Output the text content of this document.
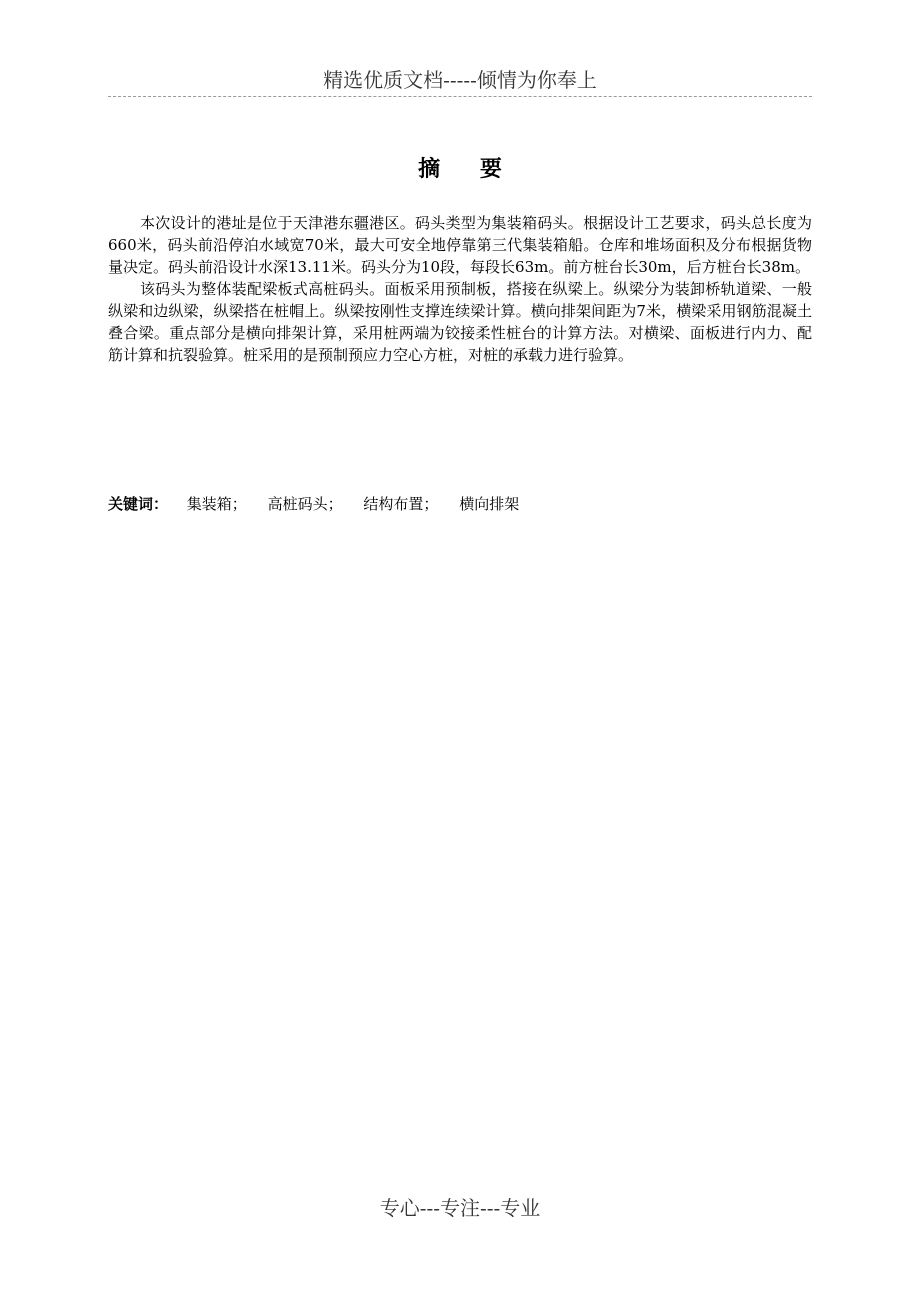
精选优质文档-----倾情为你奉上
摘 要

本次设计的港址是位于天津港东疆港区。码头类型为集装箱码头。根据设计工艺要求，码头总长度为660米，码头前沿停泊水域宽70米，最大可安全地停靠第三代集装箱船。仓库和堆场面积及分布根据货物量决定。码头前沿设计水深13.11米。码头分为10段，每段长63m。前方桩台长30m，后方桩台长38m。

该码头为整体装配梁板式高桩码头。面板采用预制板，搭接在纵梁上。纵梁分为装卸桥轨道梁、一般纵梁和边纵梁，纵梁搭在桩帽上。纵梁按刚性支撑连续梁计算。横向排架间距为7米，横梁采用钢筋混凝土叠合梁。重点部分是横向排架计算，采用桩两端为铰接柔性桩台的计算方法。对横梁、面板进行内力、配筋计算和抗裂验算。桩采用的是预制预应力空心方桩，对桩的承载力进行验算。

关键词： 集装箱； 高桩码头； 结构布置； 横向排架
专心---专注---专业
